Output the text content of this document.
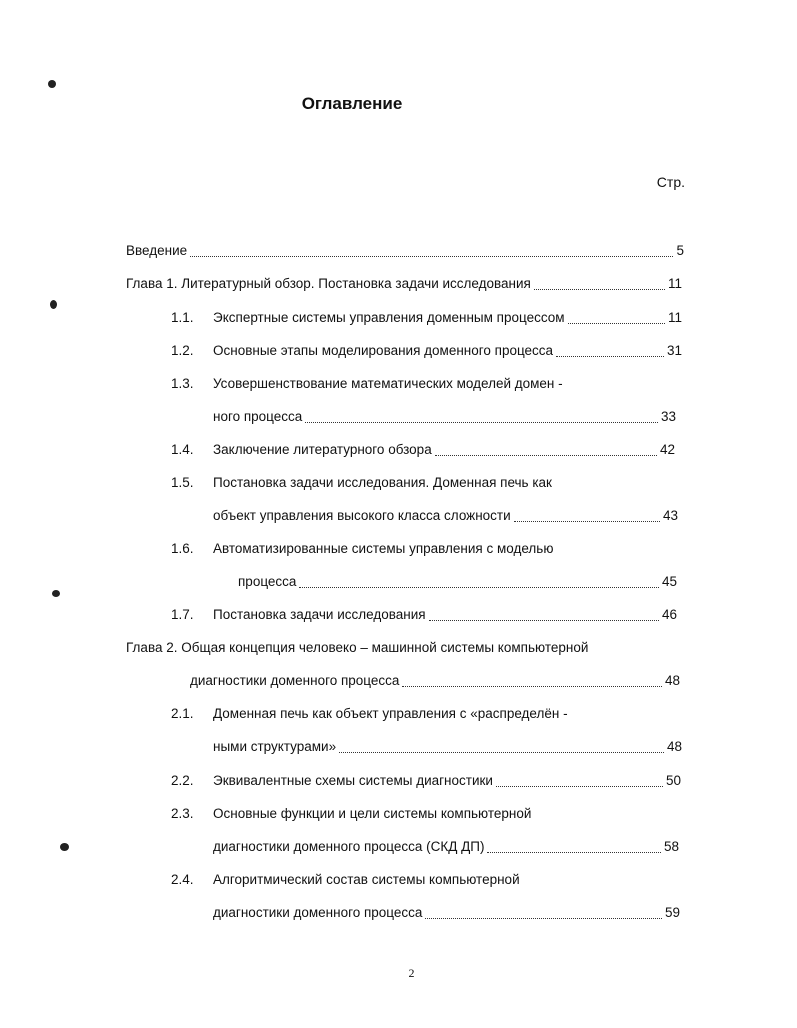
Оглавление
Стр.
Введение	5
Глава 1. Литературный обзор. Постановка задачи исследования	11
1.1. Экспертные системы управления доменным процессом	11
1.2. Основные этапы моделирования доменного процесса	31
1.3. Усовершенствование математических моделей домен -
ного процесса	33
1.4. Заключение литературного обзора	42
1.5. Постановка задачи исследования. Доменная печь как
объект управления высокого класса сложности	43
1.6. Автоматизированные системы управления с моделью
процесса	45
1.7. Постановка задачи исследования	46
Глава 2. Общая концепция человеко – машинной системы компьютерной
диагностики доменного процесса	48
2.1. Доменная печь как объект управления с «распределён -
ными структурами»	48
2.2. Эквивалентные схемы системы диагностики	50
2.3. Основные функции и цели системы компьютерной
диагностики доменного процесса (СКД ДП)	58
2.4. Алгоритмический состав системы компьютерной
диагностики доменного процесса	59
2
